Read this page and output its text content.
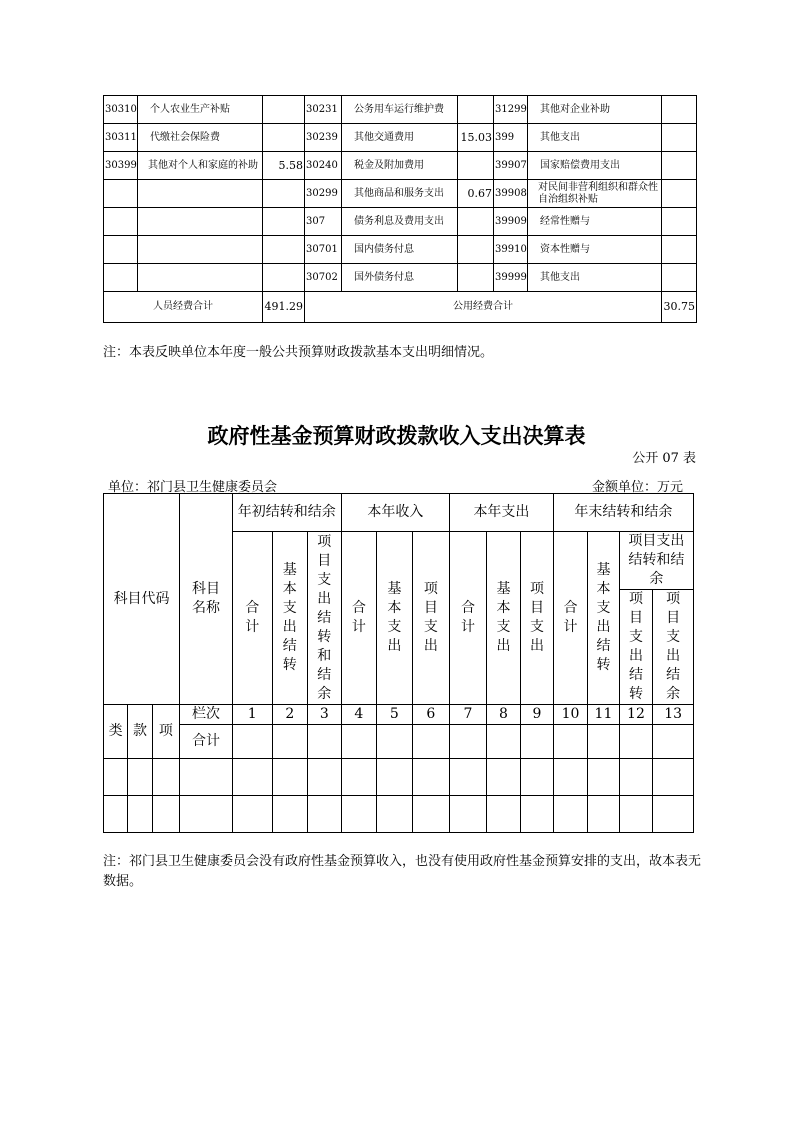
30310	个人农业生产补贴		30231	公务用车运行维护费		31299	其他对企业补助	
30311	代缴社会保险费		30239	其他交通费用	15.03	399	其他支出	
30399	其他对个人和家庭的补助	5.58	30240	税金及附加费用		39907	国家赔偿费用支出	
			30299	其他商品和服务支出	0.67	39908	对民间非营利组织和群众性自治组织补贴	
			307	债务利息及费用支出		39909	经常性赠与	
			30701	国内债务付息		39910	资本性赠与	
			30702	国外债务付息		39999	其他支出	
人员经费合计		491.29	公用经费合计					30.75
注：本表反映单位本年度一般公共预算财政拨款基本支出明细情况。
政府性基金预算财政拨款收入支出决算表
公开 07 表
单位：祁门县卫生健康委员会	金额单位：万元
科目代码			科目名称	年初结转和结余			本年收入			本年支出			年末结转和结余			
				合计	基本支出结转	项目支出结转和结余	合计	基本支出	项目支出	合计	基本支出	项目支出	合计	基本支出结转	项目支出结转和结余	
															项目支出结转	项目支出结余

类	款	项	栏次	1	2	3	4	5	6	7	8	9	10	11	12	13
			合计													

注：祁门县卫生健康委员会没有政府性基金预算收入，也没有使用政府性基金预算安排的支出，故本表无数据。
